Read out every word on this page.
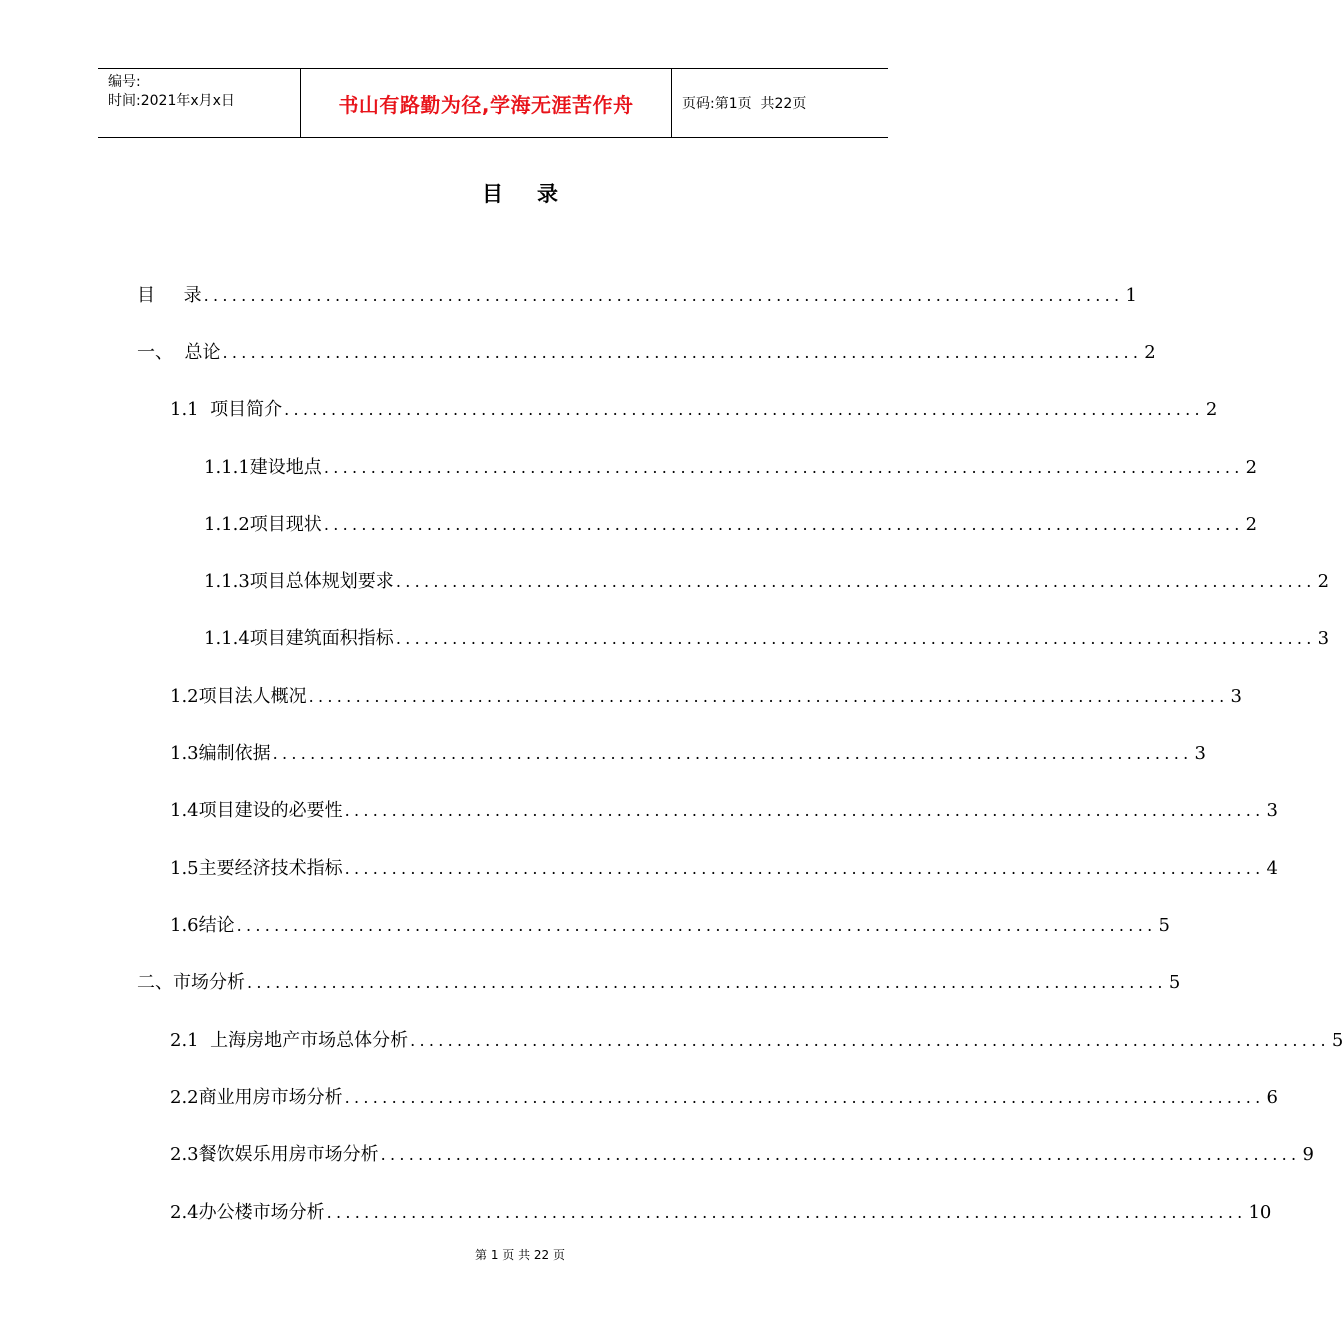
编号:
时间:2021年x月x日	书山有路勤为径,学海无涯苦作舟	页码:第1页  共22页
目 录
目     录 .................................................................................................. 1
一、  总论 .................................................................................................. 2
1.1  项目简介 .................................................................................................. 2
1.1.1建设地点 .................................................................................................. 2
1.1.2项目现状 .................................................................................................. 2
1.1.3项目总体规划要求 .................................................................................................. 2
1.1.4项目建筑面积指标 .................................................................................................. 3
1.2项目法人概况 .................................................................................................. 3
1.3编制依据 .................................................................................................. 3
1.4项目建设的必要性 .................................................................................................. 3
1.5主要经济技术指标 .................................................................................................. 4
1.6结论 .................................................................................................. 5
二、市场分析 .................................................................................................. 5
2.1  上海房地产市场总体分析 .................................................................................................. 5
2.2商业用房市场分析 .................................................................................................. 6
2.3餐饮娱乐用房市场分析 .................................................................................................. 9
2.4办公楼市场分析 .................................................................................................. 10
第 1 页 共 22 页
